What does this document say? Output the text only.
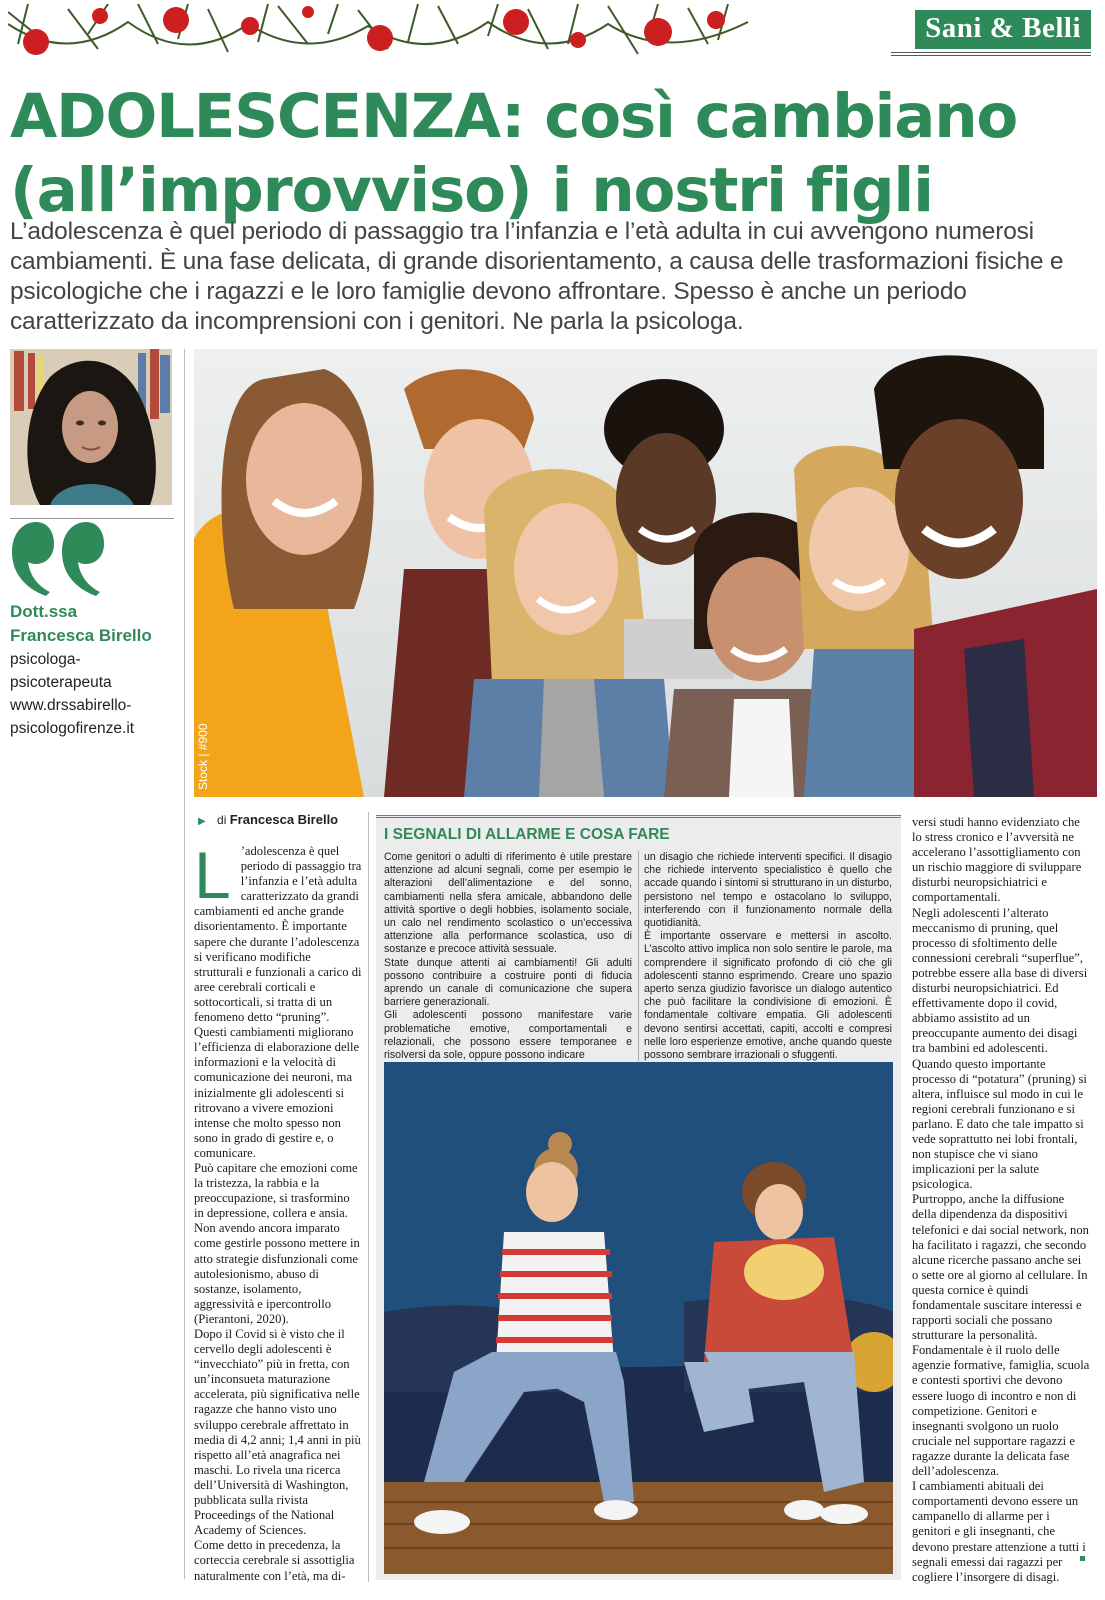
Sani & Belli
ADOLESCENZA: così cambiano
(all’improvviso) i nostri figli

L’adolescenza è quel periodo di passaggio tra l’infanzia e l’età adulta in cui avvengono numerosi cambiamenti. È una fase delicata, di grande disorientamento, a causa delle trasformazioni fisiche e psicologiche che i ragazzi e le loro famiglie devono affrontare. Spesso è anche un periodo caratterizzato da incomprensioni con i genitori. Ne parla la psicologa.

Dott.ssa
Francesca Birello
psicologa-
psicoterapeuta
www.drssabirello-
psicologofirenze.it	Stock | #900
▶ di Francesca Birello

L ’adolescenza è quel periodo di passaggio tra l’infanzia e l’età adulta caratterizzato da grandi cambiamenti ed anche grande disorientamento. È importante sapere che durante l’adolescenza si verificano modifiche strutturali e funzionali a carico di aree cerebrali corticali e sottocorticali, si tratta di un fenomeno detto “pruning”. Questi cambiamenti migliorano l’efficienza di elaborazione delle informazioni e la velocità di comunicazione dei neuroni, ma inizialmente gli adolescenti si ritrovano a vivere emozioni intense che molto spesso non sono in grado di gestire e, o comunicare.

Può capitare che emozioni come la tristezza, la rabbia e la preoccupazione, si trasformino in depressione, collera e ansia. Non avendo ancora imparato come gestirle possono mettere in atto strategie disfunzionali come autolesionismo, abuso di sostanze, isolamento, aggressività e ipercontrollo (Pierantoni, 2020).

Dopo il Covid si è visto che il cervello degli adolescenti è “invecchiato” più in fretta, con un’inconsueta maturazione accelerata, più significativa nelle ragazze che hanno visto uno sviluppo cerebrale affrettato in media di 4,2 anni; 1,4 anni in più rispetto all’età anagrafica nei maschi. Lo rivela una ricerca dell’Università di Washington, pubblicata sulla rivista Proceedings of the National Academy of Sciences.

Come detto in precedenza, la corteccia cerebrale si assottiglia naturalmente con l’età, ma di-

I SEGNALI DI ALLARME E COSA FARE

Come genitori o adulti di riferimento è utile prestare attenzione ad alcuni segnali, come per esempio le alterazioni dell’alimentazione e del sonno, cambiamenti nella sfera amicale, abbandono delle attività sportive o degli hobbies, isolamento sociale, un calo nel rendimento scolastico o un’eccessiva attenzione alla performance scolastica, uso di sostanze e precoce attività sessuale.

State dunque attenti ai cambiamenti! Gli adulti possono contribuire a costruire ponti di fiducia aprendo un canale di comunicazione che supera barriere generazionali.

Gli adolescenti possono manifestare varie problematiche emotive, comportamentali e relazionali, che possono essere temporanee e risolversi da sole, oppure possono indicare

un disagio che richiede interventi specifici. Il disagio che richiede intervento specialistico è quello che accade quando i sintomi si strutturano in un disturbo, persistono nel tempo e ostacolano lo sviluppo, interferendo con il funzionamento normale della quotidianità.

È importante osservare e mettersi in ascolto. L’ascolto attivo implica non solo sentire le parole, ma comprendere il significato profondo di ciò che gli adolescenti stanno esprimendo. Creare uno spazio aperto senza giudizio favorisce un dialogo autentico che può facilitare la condivisione di emozioni. È fondamentale coltivare empatia. Gli adolescenti devono sentirsi accettati, capiti, accolti e compresi nelle loro esperienze emotive, anche quando queste possono sembrare irrazionali o sfuggenti.

versi studi hanno evidenziato che lo stress cronico e l’avversità ne accelerano l’assottigliamento con un rischio maggiore di sviluppare disturbi neuropsichiatrici e comportamentali.

Negli adolescenti l’alterato meccanismo di pruning, quel processo di sfoltimento delle connessioni cerebrali “superflue”, potrebbe essere alla base di diversi disturbi neuropsichiatrici. Ed effettivamente dopo il covid, abbiamo assistito ad un preoccupante aumento dei disagi tra bambini ed adolescenti. Quando questo importante processo di “potatura” (pruning) si altera, influisce sul modo in cui le regioni cerebrali funzionano e si parlano. E dato che tale impatto si vede soprattutto nei lobi frontali, non stupisce che vi siano implicazioni per la salute psicologica.

Purtroppo, anche la diffusione della dipendenza da dispositivi telefonici e dai social network, non ha facilitato i ragazzi, che secondo alcune ricerche passano anche sei o sette ore al giorno al cellulare. In questa cornice è quindi fondamentale suscitare interessi e rapporti sociali che possano strutturare la personalità.

Fondamentale è il ruolo delle agenzie formative, famiglia, scuola e contesti sportivi che devono essere luogo di incontro e non di competizione. Genitori e insegnanti svolgono un ruolo cruciale nel supportare ragazzi e ragazze durante la delicata fase dell’adolescenza.

I cambiamenti abituali dei comportamenti devono essere un campanello di allarme per i genitori e gli insegnanti, che devono prestare attenzione a tutti i segnali emessi dai ragazzi per cogliere l’insorgere di disagi.
